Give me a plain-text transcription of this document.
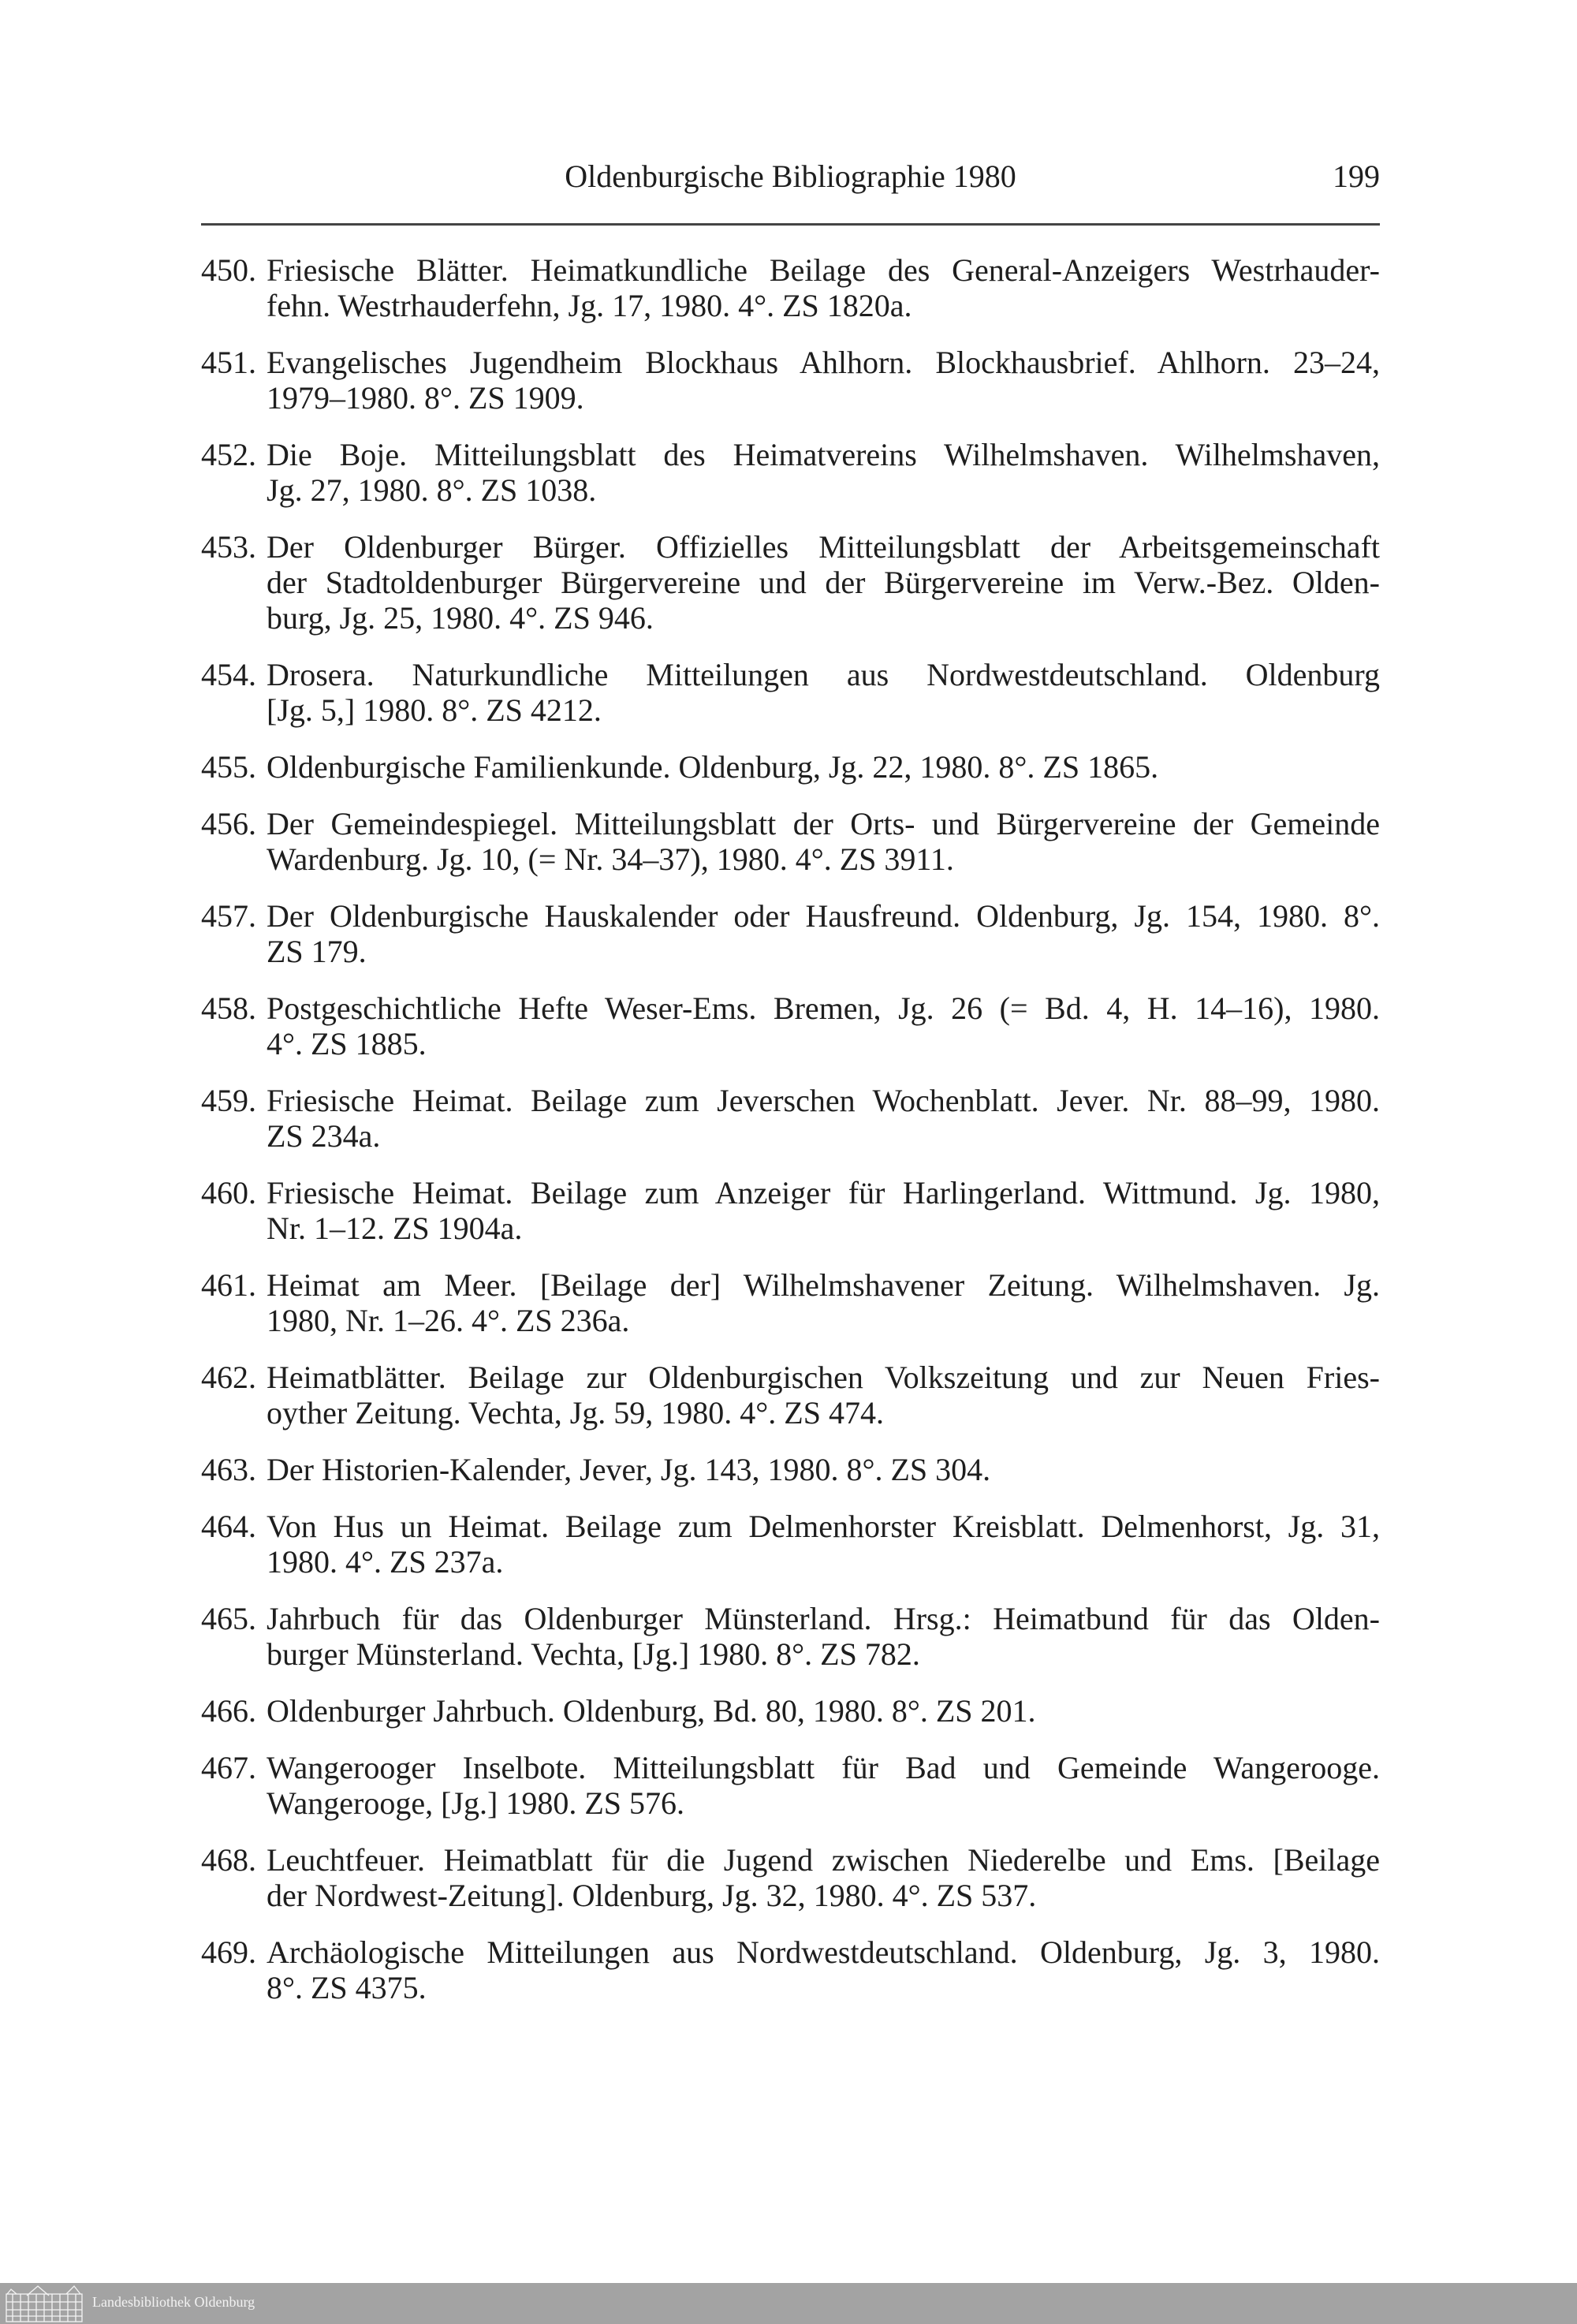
Oldenburgische Bibliographie 1980	199
450. Friesische Blätter. Heimatkundliche Beilage des General-Anzeigers Westrhauder-
fehn. Westrhauderfehn, Jg. 17, 1980. 4°. ZS 1820a.
451. Evangelisches Jugendheim Blockhaus Ahlhorn. Blockhausbrief. Ahlhorn. 23–24,
1979–1980. 8°. ZS 1909.
452. Die Boje. Mitteilungsblatt des Heimatvereins Wilhelmshaven. Wilhelmshaven,
Jg. 27, 1980. 8°. ZS 1038.
453. Der Oldenburger Bürger. Offizielles Mitteilungsblatt der Arbeitsgemeinschaft
der Stadtoldenburger Bürgervereine und der Bürgervereine im Verw.-Bez. Olden-
burg, Jg. 25, 1980. 4°. ZS 946.
454. Drosera. Naturkundliche Mitteilungen aus Nordwestdeutschland. Oldenburg
[Jg. 5,] 1980. 8°. ZS 4212.
455. Oldenburgische Familienkunde. Oldenburg, Jg. 22, 1980. 8°. ZS 1865.
456. Der Gemeindespiegel. Mitteilungsblatt der Orts- und Bürgervereine der Gemeinde
Wardenburg. Jg. 10, (= Nr. 34–37), 1980. 4°. ZS 3911.
457. Der Oldenburgische Hauskalender oder Hausfreund. Oldenburg, Jg. 154, 1980. 8°.
ZS 179.
458. Postgeschichtliche Hefte Weser-Ems. Bremen, Jg. 26 (= Bd. 4, H. 14–16), 1980.
4°. ZS 1885.
459. Friesische Heimat. Beilage zum Jeverschen Wochenblatt. Jever. Nr. 88–99, 1980.
ZS 234a.
460. Friesische Heimat. Beilage zum Anzeiger für Harlingerland. Wittmund. Jg. 1980,
Nr. 1–12. ZS 1904a.
461. Heimat am Meer. [Beilage der] Wilhelmshavener Zeitung. Wilhelmshaven. Jg.
1980, Nr. 1–26. 4°. ZS 236a.
462. Heimatblätter. Beilage zur Oldenburgischen Volkszeitung und zur Neuen Fries-
oyther Zeitung. Vechta, Jg. 59, 1980. 4°. ZS 474.
463. Der Historien-Kalender, Jever, Jg. 143, 1980. 8°. ZS 304.
464. Von Hus un Heimat. Beilage zum Delmenhorster Kreisblatt. Delmenhorst, Jg. 31,
1980. 4°. ZS 237a.
465. Jahrbuch für das Oldenburger Münsterland. Hrsg.: Heimatbund für das Olden-
burger Münsterland. Vechta, [Jg.] 1980. 8°. ZS 782.
466. Oldenburger Jahrbuch. Oldenburg, Bd. 80, 1980. 8°. ZS 201.
467. Wangerooger Inselbote. Mitteilungsblatt für Bad und Gemeinde Wangerooge.
Wangerooge, [Jg.] 1980. ZS 576.
468. Leuchtfeuer. Heimatblatt für die Jugend zwischen Niederelbe und Ems. [Beilage
der Nordwest-Zeitung]. Oldenburg, Jg. 32, 1980. 4°. ZS 537.
469. Archäologische Mitteilungen aus Nordwestdeutschland. Oldenburg, Jg. 3, 1980.
8°. ZS 4375.
Landesbibliothek Oldenburg
